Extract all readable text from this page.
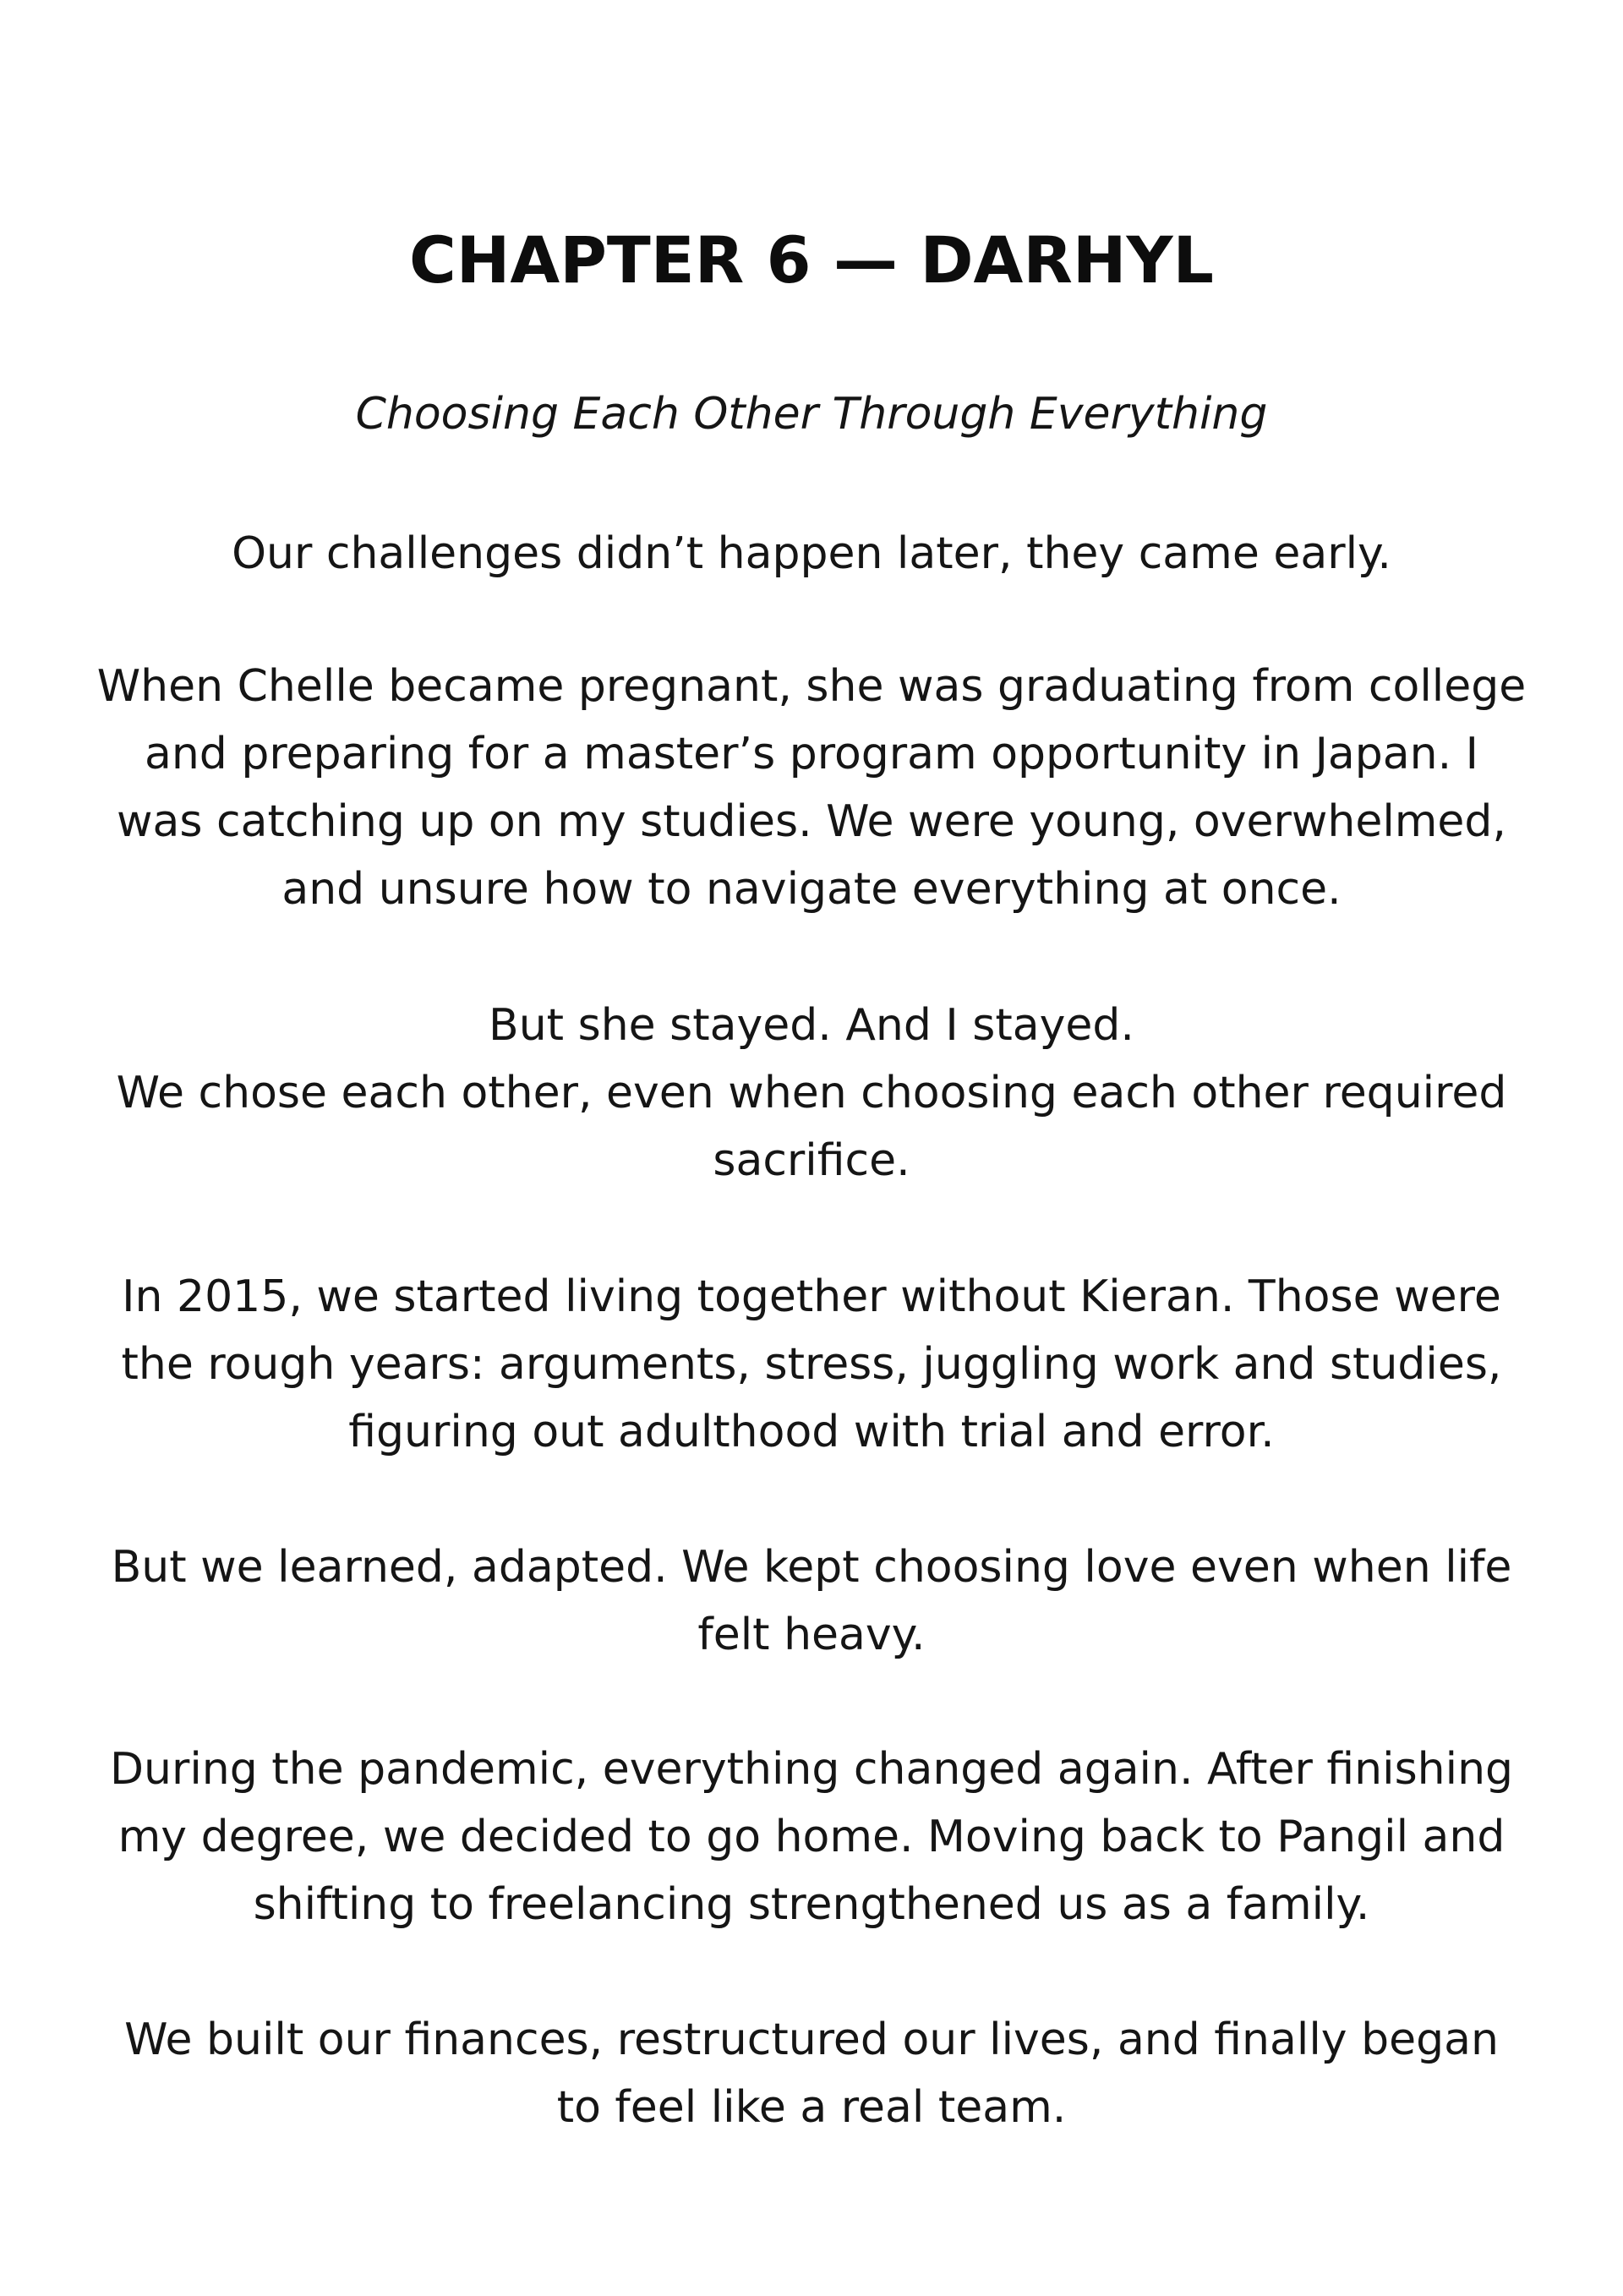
CHAPTER 6 — DARHYL

Choosing Each Other Through Everything

Our challenges didn’t happen later, they came early.

When Chelle became pregnant, she was graduating from college
and preparing for a master’s program opportunity in Japan. I
was catching up on my studies. We were young, overwhelmed,
and unsure how to navigate everything at once.

But she stayed. And I stayed.
We chose each other, even when choosing each other required
sacrifice.

In 2015, we started living together without Kieran. Those were
the rough years: arguments, stress, juggling work and studies,
figuring out adulthood with trial and error.

But we learned, adapted. We kept choosing love even when life
felt heavy.

During the pandemic, everything changed again. After finishing
my degree, we decided to go home. Moving back to Pangil and
shifting to freelancing strengthened us as a family.

We built our finances, restructured our lives, and finally began
to feel like a real team.
